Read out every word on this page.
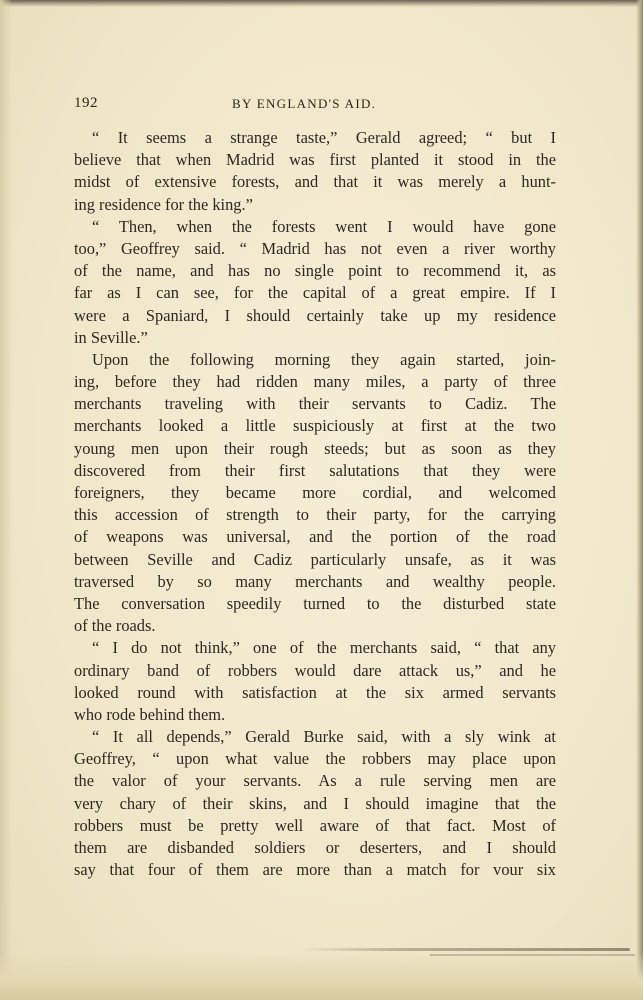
192	BY ENGLAND'S AID.
“ It seems a strange taste,” Gerald agreed; “ but I
believe that when Madrid was first planted it stood in the
midst of extensive forests, and that it was merely a hunt-
ing residence for the king.”
“ Then, when the forests went I would have gone
too,” Geoffrey said. “ Madrid has not even a river worthy
of the name, and has no single point to recommend it, as
far as I can see, for the capital of a great empire. If I
were a Spaniard, I should certainly take up my residence
in Seville.”
Upon the following morning they again started, join-
ing, before they had ridden many miles, a party of three
merchants traveling with their servants to Cadiz. The
merchants looked a little suspiciously at first at the two
young men upon their rough steeds; but as soon as they
discovered from their first salutations that they were
foreigners, they became more cordial, and welcomed
this accession of strength to their party, for the carrying
of weapons was universal, and the portion of the road
between Seville and Cadiz particularly unsafe, as it was
traversed by so many merchants and wealthy people.
The conversation speedily turned to the disturbed state
of the roads.
“ I do not think,” one of the merchants said, “ that any
ordinary band of robbers would dare attack us,” and he
looked round with satisfaction at the six armed servants
who rode behind them.
“ It all depends,” Gerald Burke said, with a sly wink at
Geoffrey, “ upon what value the robbers may place upon
the valor of your servants. As a rule serving men are
very chary of their skins, and I should imagine that the
robbers must be pretty well aware of that fact. Most of
them are disbanded soldiers or deserters, and I should
say that four of them are more than a match for vour six
